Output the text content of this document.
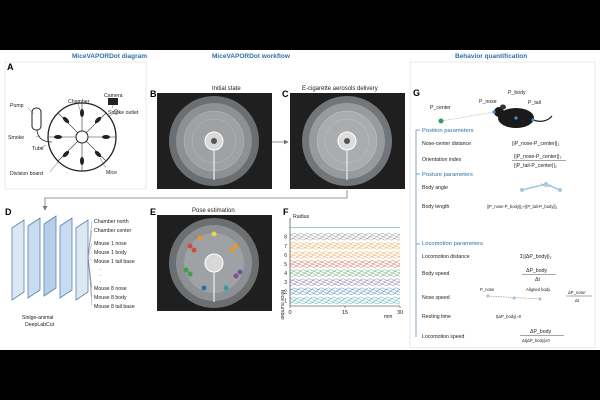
MiceVAPORDot diagram	MiceVAPORDot workflow	Behavior quantification
A
Pump
Chamber
Camera
Smoke
Smoke outlet
Tube
Mice
Division board
B	Initial state	C E-cigarette aerosols delivery
D
Sinlge-animal
DeepLabCut
Chamber north
Chamber center
Mouse 1 nose
Mouse 1 body
Mouse 1 tail base
.
.
.
Mouse 8 nose
Mouse 8 body
Mouse 8 tail base
E	Pose estimation	F
0	15	30
8
7
6
5
4
3
2
1
min
Mice number
Radius
G
P_center
P_nose
P_body
P_tail
Position parameters
Nose-center distance	||P_nose-P_center||₂
Orientation index	||P_nose-P_center||₂
||P_tail-P_center||₂
Posture parameters
Body angle
Body length	||P_nose-P_body||₂+||P_tail-P_body||₂
Locomotion parameters
Locomotion distance	Σ||ΔP_body||₂
Body speed	ΔP_body
Δt
Nose speed
P_nose	Aligned body
ΔP_nose'
Δt
Resting time	t|ΔP_body|=0
Locomotion speed
ΔP_body
Δt|ΔP_body|≠0
